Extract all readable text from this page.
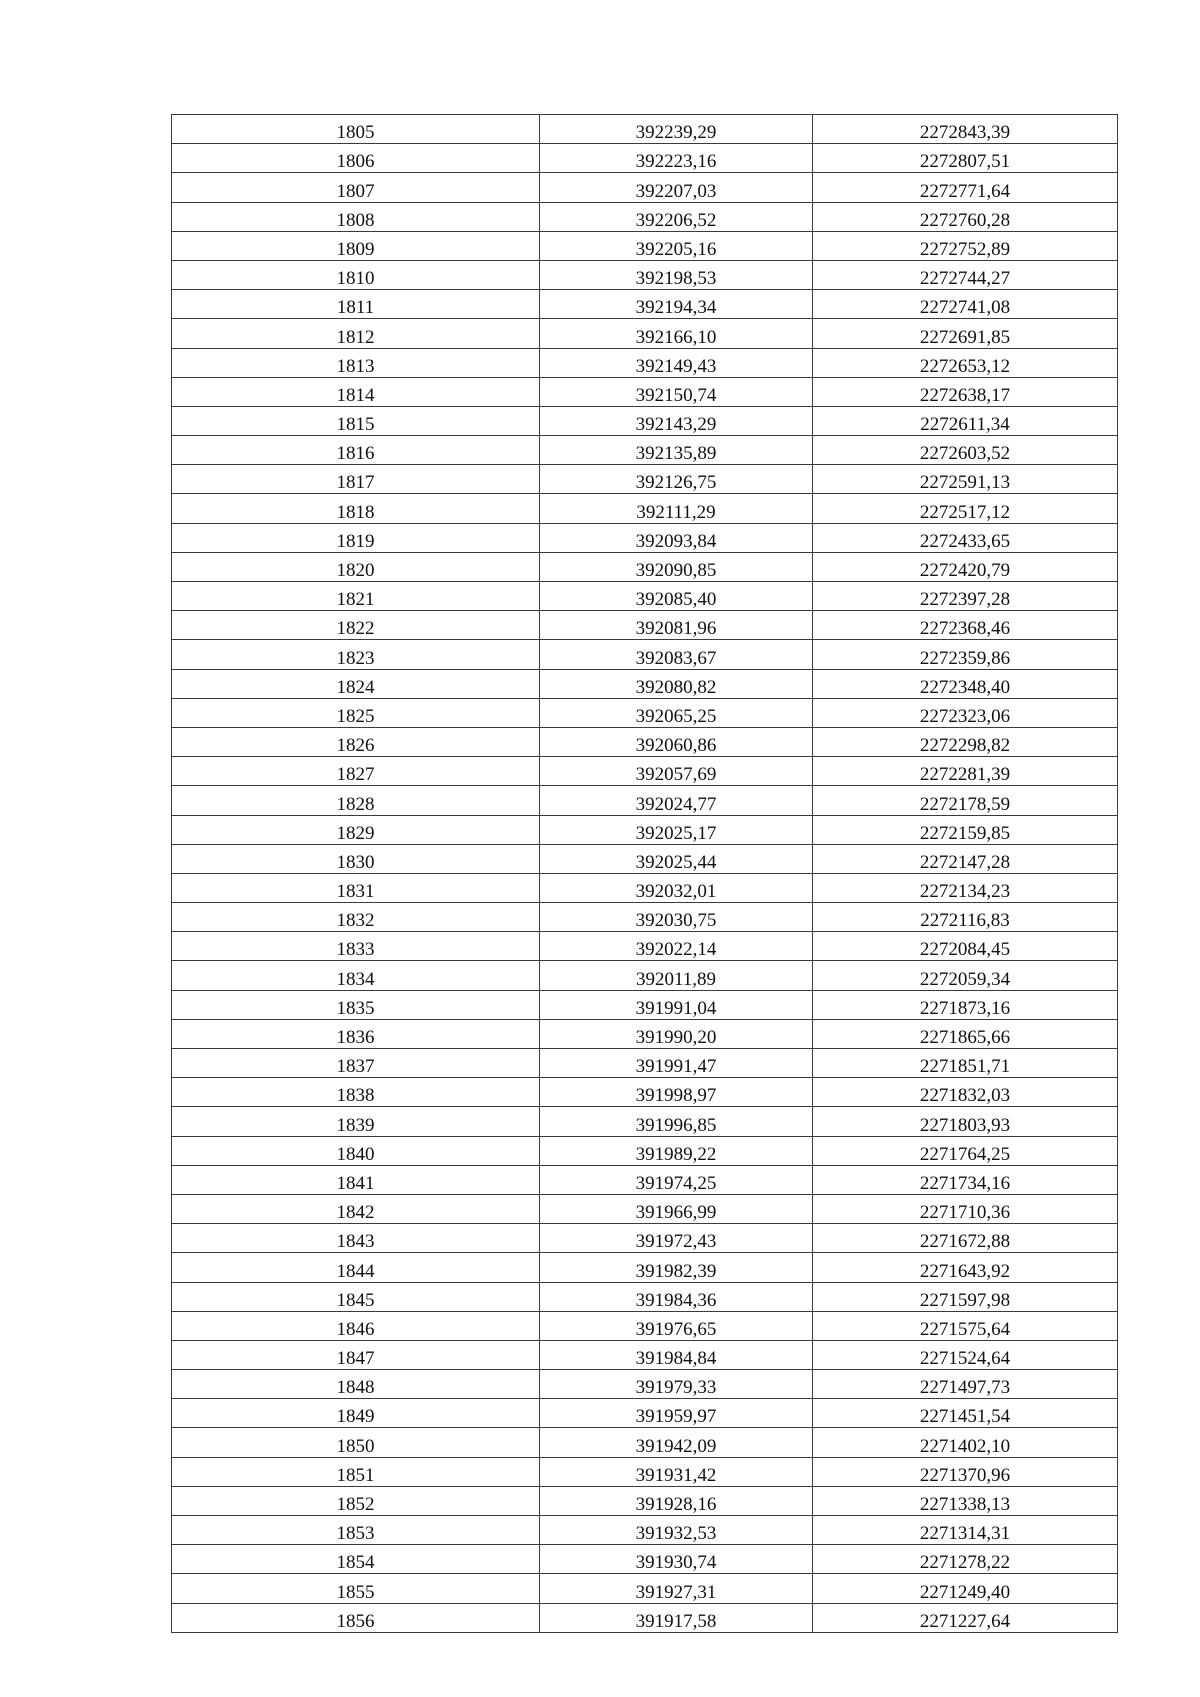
1805	392239,29	2272843,39
1806	392223,16	2272807,51
1807	392207,03	2272771,64
1808	392206,52	2272760,28
1809	392205,16	2272752,89
1810	392198,53	2272744,27
1811	392194,34	2272741,08
1812	392166,10	2272691,85
1813	392149,43	2272653,12
1814	392150,74	2272638,17
1815	392143,29	2272611,34
1816	392135,89	2272603,52
1817	392126,75	2272591,13
1818	392111,29	2272517,12
1819	392093,84	2272433,65
1820	392090,85	2272420,79
1821	392085,40	2272397,28
1822	392081,96	2272368,46
1823	392083,67	2272359,86
1824	392080,82	2272348,40
1825	392065,25	2272323,06
1826	392060,86	2272298,82
1827	392057,69	2272281,39
1828	392024,77	2272178,59
1829	392025,17	2272159,85
1830	392025,44	2272147,28
1831	392032,01	2272134,23
1832	392030,75	2272116,83
1833	392022,14	2272084,45
1834	392011,89	2272059,34
1835	391991,04	2271873,16
1836	391990,20	2271865,66
1837	391991,47	2271851,71
1838	391998,97	2271832,03
1839	391996,85	2271803,93
1840	391989,22	2271764,25
1841	391974,25	2271734,16
1842	391966,99	2271710,36
1843	391972,43	2271672,88
1844	391982,39	2271643,92
1845	391984,36	2271597,98
1846	391976,65	2271575,64
1847	391984,84	2271524,64
1848	391979,33	2271497,73
1849	391959,97	2271451,54
1850	391942,09	2271402,10
1851	391931,42	2271370,96
1852	391928,16	2271338,13
1853	391932,53	2271314,31
1854	391930,74	2271278,22
1855	391927,31	2271249,40
1856	391917,58	2271227,64
